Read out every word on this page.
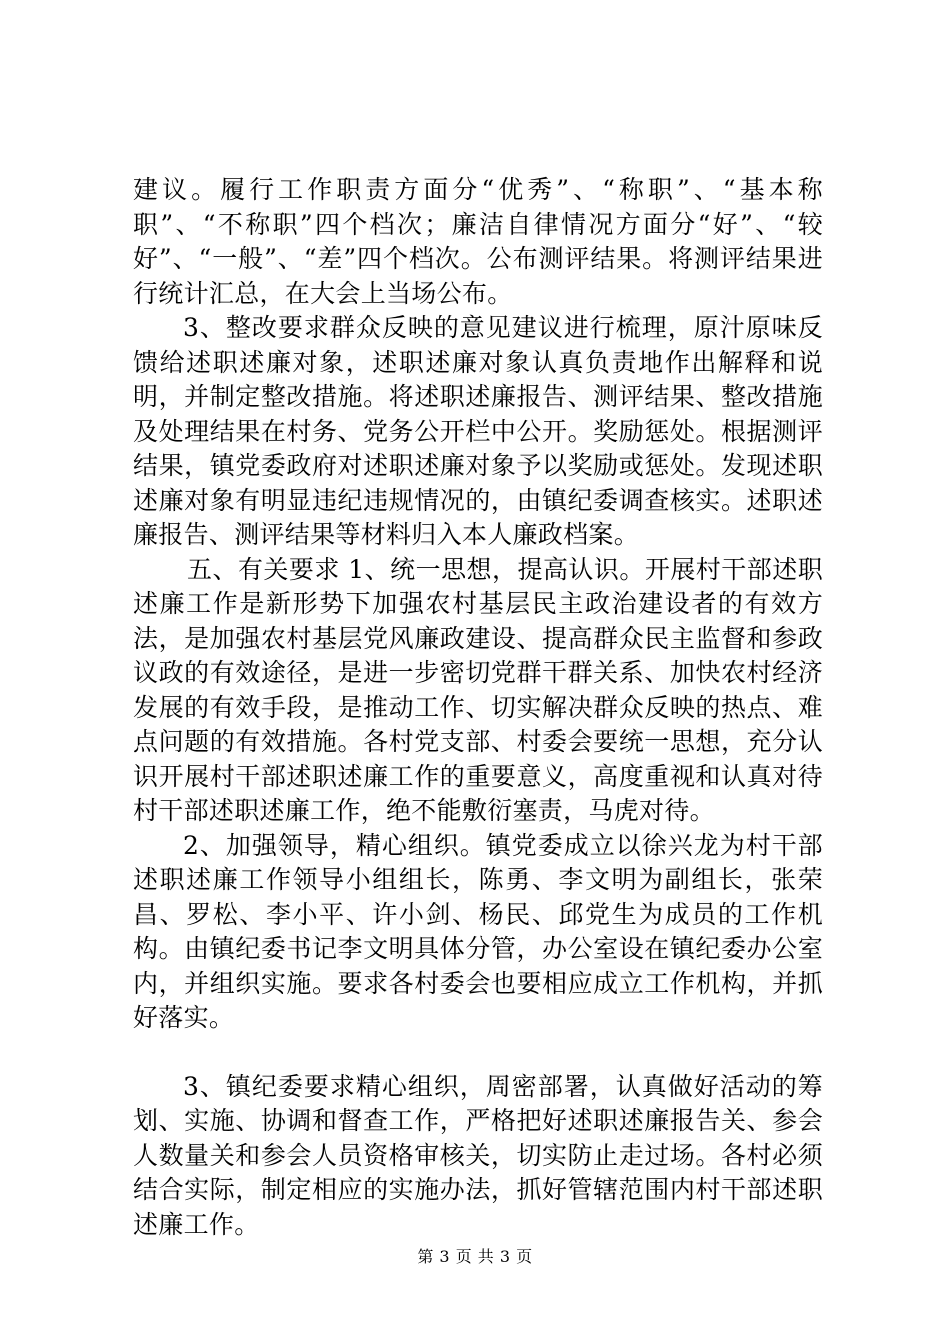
建议。履行工作职责方面分“优秀”、“称职”、“基本称职”、“不称职”四个档次；廉洁自律情况方面分“好”、“较好”、“一般”、“差”四个档次。公布测评结果。将测评结果进行统计汇总，在大会上当场公布。

3、整改要求群众反映的意见建议进行梳理，原汁原味反馈给述职述廉对象，述职述廉对象认真负责地作出解释和说明，并制定整改措施。将述职述廉报告、测评结果、整改措施及处理结果在村务、党务公开栏中公开。奖励惩处。根据测评结果，镇党委政府对述职述廉对象予以奖励或惩处。发现述职述廉对象有明显违纪违规情况的，由镇纪委调查核实。述职述廉报告、测评结果等材料归入本人廉政档案。

五、有关要求 1、统一思想，提高认识。开展村干部述职述廉工作是新形势下加强农村基层民主政治建设者的有效方法，是加强农村基层党风廉政建设、提高群众民主监督和参政议政的有效途径，是进一步密切党群干群关系、加快农村经济发展的有效手段，是推动工作、切实解决群众反映的热点、难点问题的有效措施。各村党支部、村委会要统一思想，充分认识开展村干部述职述廉工作的重要意义，高度重视和认真对待村干部述职述廉工作，绝不能敷衍塞责，马虎对待。

2、加强领导，精心组织。镇党委成立以徐兴龙为村干部述职述廉工作领导小组组长，陈勇、李文明为副组长，张荣昌、罗松、李小平、许小剑、杨民、邱党生为成员的工作机构。由镇纪委书记李文明具体分管，办公室设在镇纪委办公室内，并组织实施。要求各村委会也要相应成立工作机构，并抓好落实。

3、镇纪委要求精心组织，周密部署，认真做好活动的筹划、实施、协调和督查工作，严格把好述职述廉报告关、参会人数量关和参会人员资格审核关，切实防止走过场。各村必须结合实际，制定相应的实施办法，抓好管辖范围内村干部述职述廉工作。

第 3 页 共 3 页
